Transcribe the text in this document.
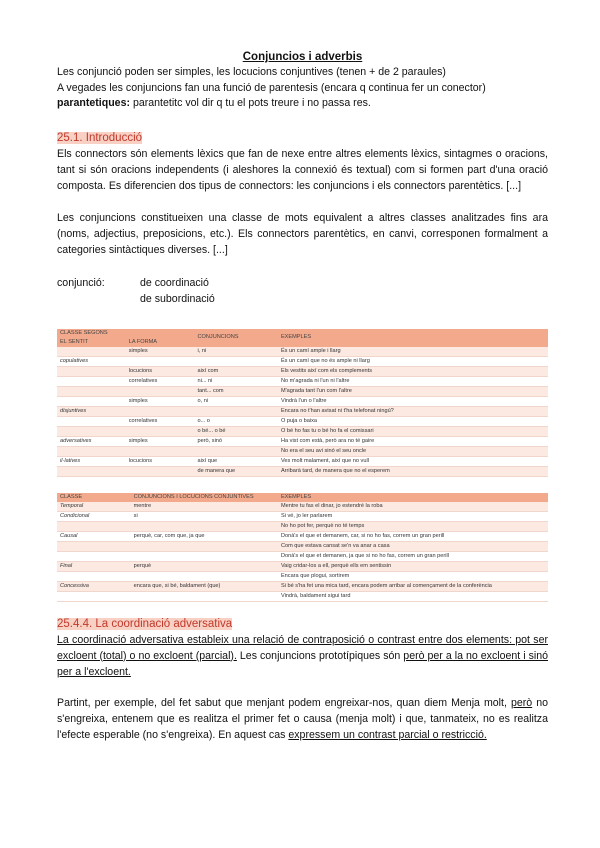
Conjuncios i adverbis

Les conjunció poden ser simples, les locucions conjuntives (tenen + de 2 paraules)

A vegades les conjuncions fan una funció de parentesis (encara q continua fer un conector)

parantetiques: parantetitc vol dir q tu el pots treure i no passa res.

25.1. Introducció

Els connectors són elements lèxics que fan de nexe entre altres elements lèxics, sintagmes o oracions, tant si són oracions independents (i aleshores la connexió és textual) com si formen part d'una oració composta. Es diferencien dos tipus de connectors: les conjuncions i els connectors parentètics. [...]

Les conjuncions constitueixen una classe de mots equivalent a altres classes analitzades fins ara (noms, adjectius, preposicions, etc.). Els connectors parentètics, en canvi, corresponen formalment a categories sintàctiques diverses. [...]

conjunció:	de coordinació
de subordinació
CLASSE SEGONS		CONJUNCIONS	EXEMPLES
EL SENTIT	LA FORMA		
	simples	i, ni	És un camí ample i llarg
copulatives			És un camí que no és ample ni llarg
	locucions	així com	Els vestits així com els complements
	correlatives	ni... ni	No m'agrada ni l'un ni l'altre
		tant... com	M'agrada tant l'un com l'altre
	simples	o, ni	Vindrà l'un o l'altre
disjuntives			Encara no t'han avisat ni t'ha telefonat ningú?
	correlatives	o... o	O puja o baixa
		o bé... o bé	O bé ho fas tu o bé ho fa el comissari
adversatives	simples	però, sinó	Ha vist com està, però ara no té gaire
			No era el seu avi sinó el seu oncle
il·latives	locucions	així que	Ves molt malament, així que no vull
		de manera que	Arribarà tard, de manera que no el esperem
CLASSE	CONJUNCIONS I LOCUCIONS CONJUNTIVES	EXEMPLES
Temporal	mentre	Mentre tu fas el dinar, jo estendré la roba
Condicional	si	Si vé, jo ler parlarem
		No ho pot fer, perquè no té temps
Causal	perquè, car, com que, ja que	Donà's el que et demanem, car, si no ho fas, correm un gran perill
		Com que estava cansat se'n va anar a casa
		Donà's el que et demanen, ja que si no ho fas, correm un gran perill
Final	perquè	Vaig cridar-los a ell, perquè ells em sentissin
		Encara que plogui, sortirem
Concessiva	encara que, si bé, baldament (que)	Si bé s'ha fet una mica tard, encara podem arribar al començament de la conferència
		Vindrà, baldament sigui tard

25.4.4. La coordinació adversativa

La coordinació adversativa estableix una relació de contraposició o contrast entre dos elements: pot ser excloent (total) o no excloent (parcial). Les conjuncions prototípiques són però per a la no excloent i sinó per a l'excloent.

Partint, per exemple, del fet sabut que menjant podem engreixar-nos, quan diem Menja molt, però no s'engreixa, entenem que es realitza el primer fet o causa (menja molt) i que, tanmateix, no es realitza l'efecte esperable (no s'engreixa). En aquest cas expressem un contrast parcial o restricció.
